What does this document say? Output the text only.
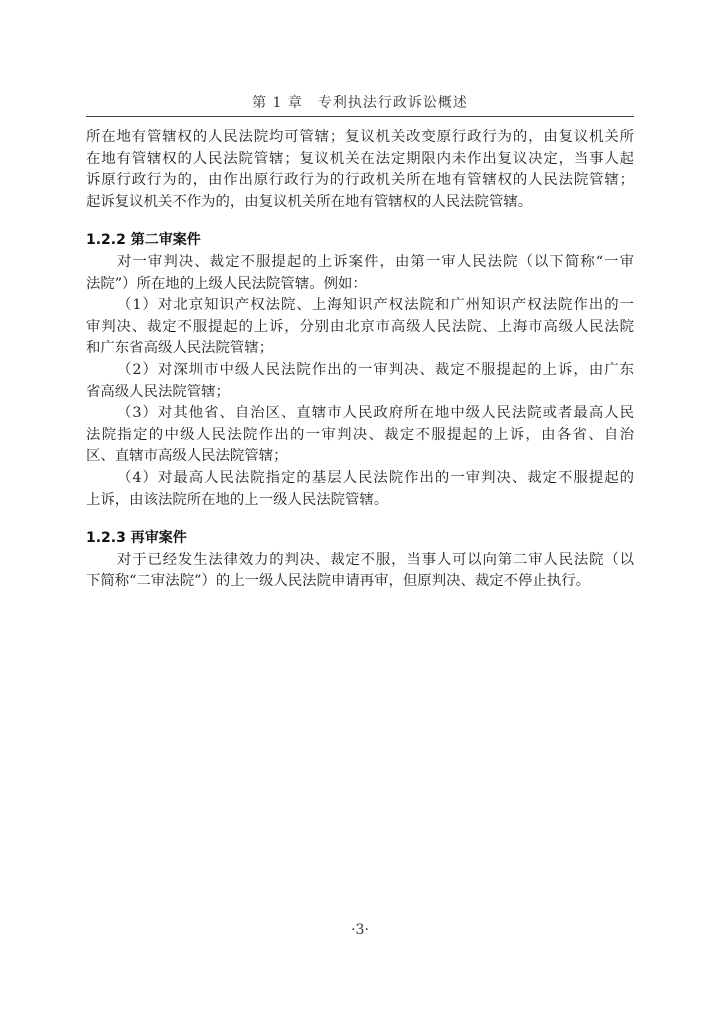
第 1 章　专利执法行政诉讼概述
所在地有管辖权的人民法院均可管辖；复议机关改变原行政行为的，由复议机关所
在地有管辖权的人民法院管辖；复议机关在法定期限内未作出复议决定，当事人起
诉原行政行为的，由作出原行政行为的行政机关所在地有管辖权的人民法院管辖；
起诉复议机关不作为的，由复议机关所在地有管辖权的人民法院管辖。
1.2.2 第二审案件
对一审判决、裁定不服提起的上诉案件，由第一审人民法院（以下简称“一审
法院”）所在地的上级人民法院管辖。例如：
（1）对北京知识产权法院、上海知识产权法院和广州知识产权法院作出的一
审判决、裁定不服提起的上诉，分别由北京市高级人民法院、上海市高级人民法院
和广东省高级人民法院管辖；
（2）对深圳市中级人民法院作出的一审判决、裁定不服提起的上诉，由广东
省高级人民法院管辖；
（3）对其他省、自治区、直辖市人民政府所在地中级人民法院或者最高人民
法院指定的中级人民法院作出的一审判决、裁定不服提起的上诉，由各省、自治
区、直辖市高级人民法院管辖；
（4）对最高人民法院指定的基层人民法院作出的一审判决、裁定不服提起的
上诉，由该法院所在地的上一级人民法院管辖。
1.2.3 再审案件
对于已经发生法律效力的判决、裁定不服，当事人可以向第二审人民法院（以
下简称“二审法院”）的上一级人民法院申请再审，但原判决、裁定不停止执行。
·3·
